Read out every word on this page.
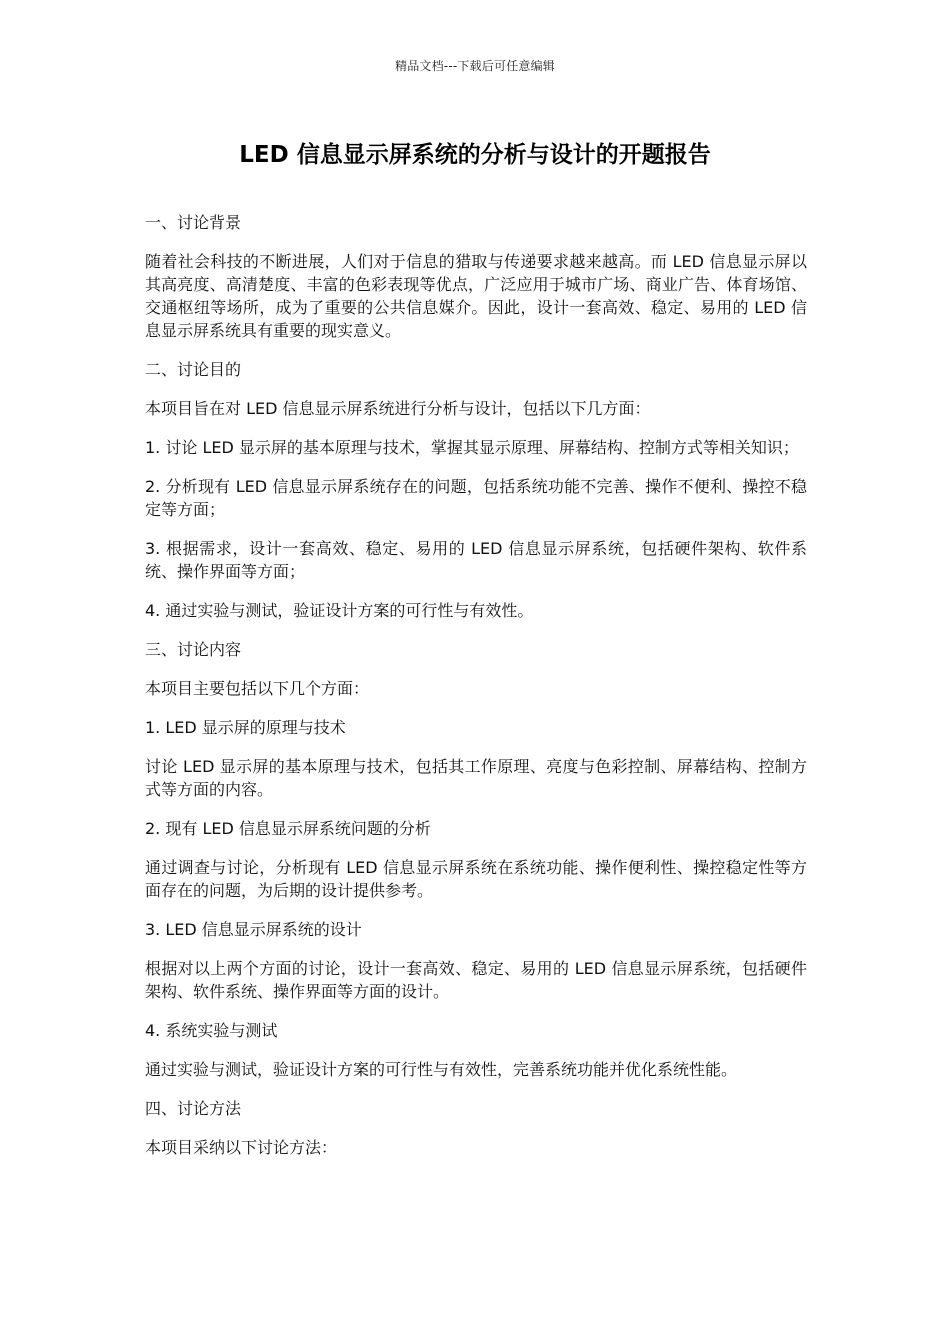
精品文档---下载后可任意编辑
LED 信息显示屏系统的分析与设计的开题报告

一、讨论背景

随着社会科技的不断进展，人们对于信息的猎取与传递要求越来越高。而 LED 信息显示屏以其高亮度、高清楚度、丰富的色彩表现等优点，广泛应用于城市广场、商业广告、体育场馆、交通枢纽等场所，成为了重要的公共信息媒介。因此，设计一套高效、稳定、易用的 LED 信息显示屏系统具有重要的现实意义。

二、讨论目的

本项目旨在对 LED 信息显示屏系统进行分析与设计，包括以下几方面：

1. 讨论 LED 显示屏的基本原理与技术，掌握其显示原理、屏幕结构、控制方式等相关知识；

2. 分析现有 LED 信息显示屏系统存在的问题，包括系统功能不完善、操作不便利、操控不稳定等方面；

3. 根据需求，设计一套高效、稳定、易用的 LED 信息显示屏系统，包括硬件架构、软件系统、操作界面等方面；

4. 通过实验与测试，验证设计方案的可行性与有效性。

三、讨论内容

本项目主要包括以下几个方面：

1. LED 显示屏的原理与技术

讨论 LED 显示屏的基本原理与技术，包括其工作原理、亮度与色彩控制、屏幕结构、控制方式等方面的内容。

2. 现有 LED 信息显示屏系统问题的分析

通过调查与讨论，分析现有 LED 信息显示屏系统在系统功能、操作便利性、操控稳定性等方面存在的问题，为后期的设计提供参考。

3. LED 信息显示屏系统的设计

根据对以上两个方面的讨论，设计一套高效、稳定、易用的 LED 信息显示屏系统，包括硬件架构、软件系统、操作界面等方面的设计。

4. 系统实验与测试

通过实验与测试，验证设计方案的可行性与有效性，完善系统功能并优化系统性能。

四、讨论方法

本项目采纳以下讨论方法：
